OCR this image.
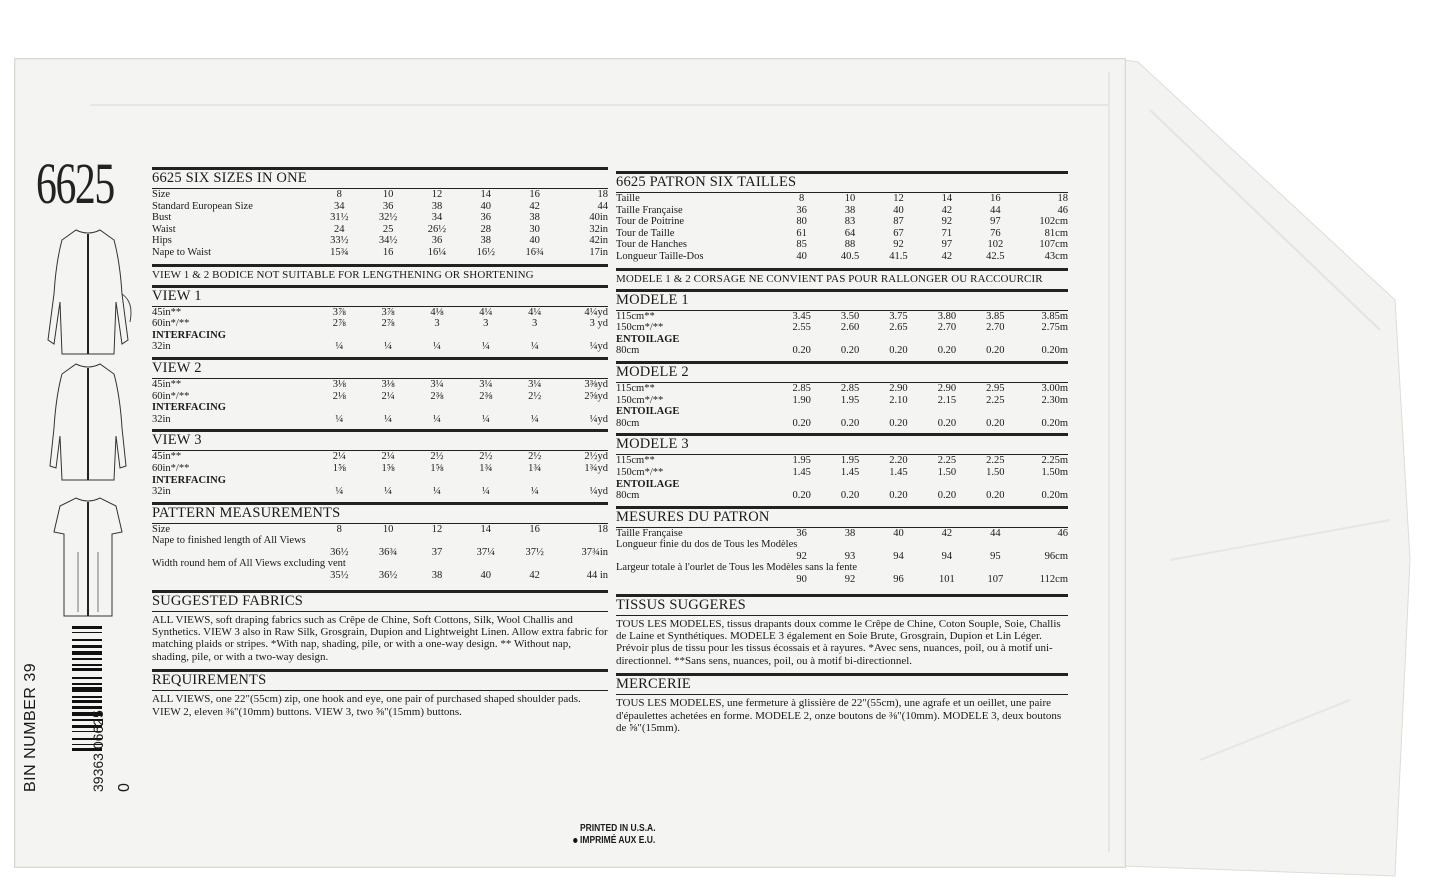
6625	6625 SIX SIZES IN ONE
Size	8	10	12	14	16	18
Standard European Size	34	36	38	40	42	44
Bust	31½	32½	34	36	38	40in
Waist	24	25	26½	28	30	32in
Hips	33½	34½	36	38	40	42in
Nape to Waist	15¾	16	16¼	16½	16¾	17in
VIEW 1 & 2 BODICE NOT SUITABLE FOR LENGTHENING OR SHORTENING
VIEW 1
45in**	3⅞	3⅞	4⅛	4¼	4¼	4¼yd
60in*/**	2⅞	2⅞	3	3	3	3 yd
INTERFACING						
32in	¼	¼	¼	¼	¼	¼yd
VIEW 2
45in**	3⅛	3⅛	3¼	3¼	3¼	3⅜yd
60in*/**	2⅛	2¼	2⅜	2⅜	2½	2⅝yd
INTERFACING						
32in	¼	¼	¼	¼	¼	¼yd
VIEW 3
45in**	2¼	2¼	2½	2½	2½	2½yd
60in*/**	1⅝	1⅝	1⅝	1¾	1¾	1¾yd
INTERFACING						
32in	¼	¼	¼	¼	¼	¼yd
PATTERN MEASUREMENTS
Size	8	10	12	14	16	18
Nape to finished length of All Views						
	36½	36¾	37	37¼	37½	37¾in
Width round hem of All Views excluding vent						
	35½	36½	38	40	42	44 in
SUGGESTED FABRICS
ALL VIEWS, soft draping fabrics such as Crêpe de Chine, Soft Cottons, Silk, Wool Challis and Synthetics. VIEW 3 also in Raw Silk, Grosgrain, Dupion and Lightweight Linen. Allow extra fabric for matching plaids or stripes. *With nap, shading, pile, or with a one-way design. ** Without nap, shading, pile, or with a two-way design.
REQUIREMENTS
ALL VIEWS, one 22"(55cm) zip, one hook and eye, one pair of purchased shaped shoulder pads. VIEW 2, eleven ⅜"(10mm) buttons. VIEW 3, two ⅝"(15mm) buttons.
6625 PATRON SIX TAILLES
Taille	8	10	12	14	16	18
Taille Française	36	38	40	42	44	46
Tour de Poitrine	80	83	87	92	97	102cm
Tour de Taille	61	64	67	71	76	81cm
Tour de Hanches	85	88	92	97	102	107cm
Longueur Taille-Dos	40	40.5	41.5	42	42.5	43cm
MODELE 1 & 2 CORSAGE NE CONVIENT PAS POUR RALLONGER OU RACCOURCIR
MODELE 1
115cm**	3.45	3.50	3.75	3.80	3.85	3.85m
150cm*/**	2.55	2.60	2.65	2.70	2.70	2.75m
ENTOILAGE						
80cm	0.20	0.20	0.20	0.20	0.20	0.20m
MODELE 2
115cm**	2.85	2.85	2.90	2.90	2.95	3.00m
150cm*/**	1.90	1.95	2.10	2.15	2.25	2.30m
ENTOILAGE						
80cm	0.20	0.20	0.20	0.20	0.20	0.20m
MODELE 3
115cm**	1.95	1.95	2.20	2.25	2.25	2.25m
150cm*/**	1.45	1.45	1.45	1.50	1.50	1.50m
ENTOILAGE						
80cm	0.20	0.20	0.20	0.20	0.20	0.20m
MESURES DU PATRON
Taille Française	36	38	40	42	44	46
Longueur finie du dos de Tous les Modèles						
	92	93	94	94	95	96cm
Largeur totale à l'ourlet de Tous les Modèles sans la fente						
	90	92	96	101	107	112cm
TISSUS SUGGERES
TOUS LES MODELES, tissus drapants doux comme le Crêpe de Chine, Coton Souple, Soie, Challis de Laine et Synthétiques. MODELE 3 également en Soie Brute, Grosgrain, Dupion et Lin Léger. Prévoir plus de tissu pour les tissus écossais et à rayures. *Avec sens, nuances, poil, ou à motif uni-directionnel. **Sans sens, nuances, poil, ou à motif bi-directionnel.
MERCERIE
TOUS LES MODELES, une fermeture à glissière de 22"(55cm), une agrafe et un oeillet, une paire d'épaulettes achetées en forme. MODELE 2, onze boutons de ⅜"(10mm). MODELE 3, deux boutons de ⅝"(15mm).
BIN NUMBER 39	39363 06625 0
PRINTED IN U.S.A.
IMPRIMÉ AUX E.U.
